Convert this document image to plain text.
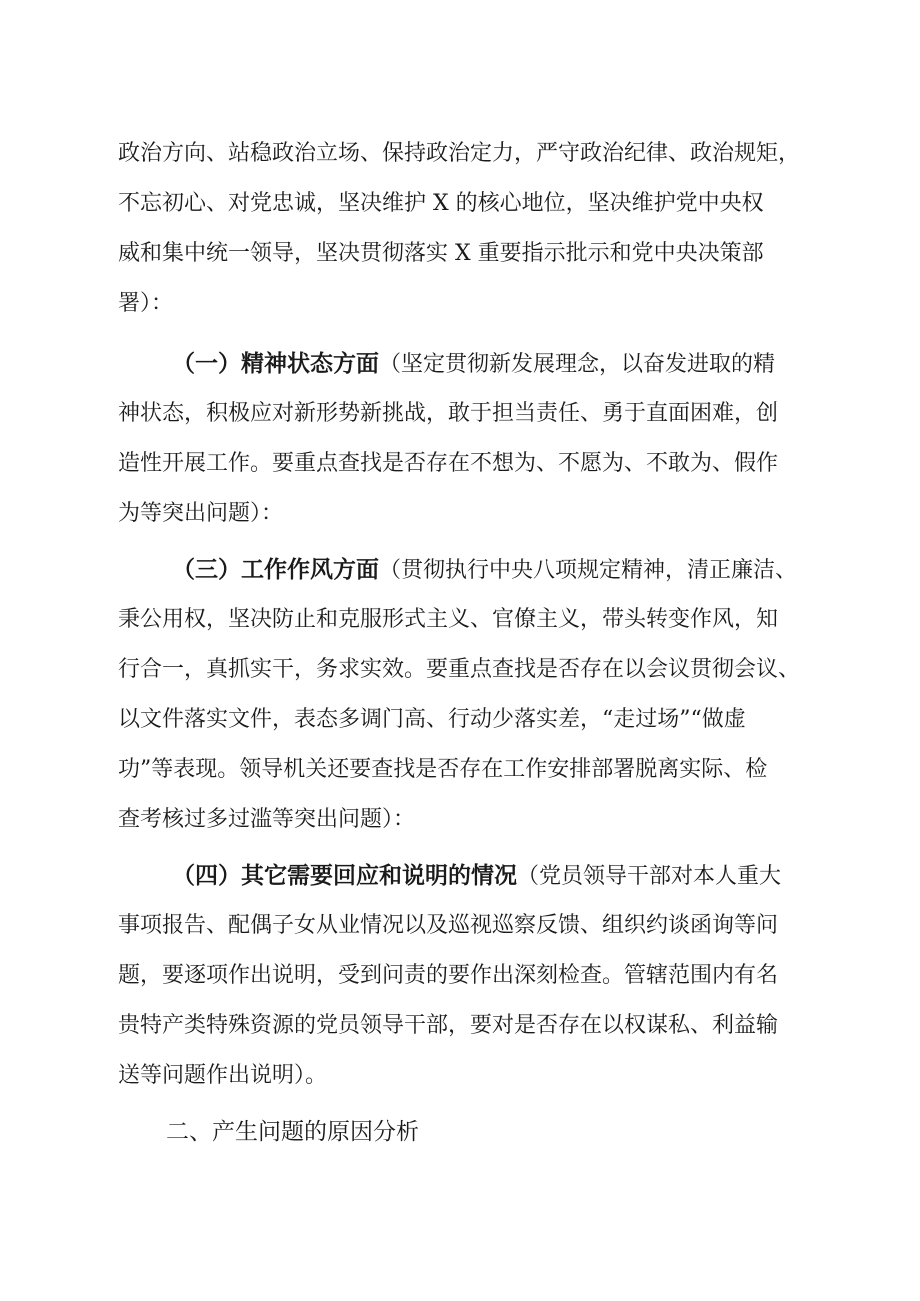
政治方向、站稳政治立场、保持政治定力，严守政治纪律、政治规矩，
不忘初心、对党忠诚，坚决维护 X 的核心地位，坚决维护党中央权
威和集中统一领导，坚决贯彻落实 X 重要指示批示和党中央决策部
署）：
（一）精神状态方面（坚定贯彻新发展理念，以奋发进取的精
神状态，积极应对新形势新挑战，敢于担当责任、勇于直面困难，创
造性开展工作。要重点查找是否存在不想为、不愿为、不敢为、假作
为等突出问题）：
（三）工作作风方面（贯彻执行中央八项规定精神，清正廉洁、
秉公用权，坚决防止和克服形式主义、官僚主义，带头转变作风，知
行合一，真抓实干，务求实效。要重点查找是否存在以会议贯彻会议、
以文件落实文件，表态多调门高、行动少落实差，“走过场”“做虚
功”等表现。领导机关还要查找是否存在工作安排部署脱离实际、检
查考核过多过滥等突出问题）：
（四）其它需要回应和说明的情况（党员领导干部对本人重大
事项报告、配偶子女从业情况以及巡视巡察反馈、组织约谈函询等问
题，要逐项作出说明，受到问责的要作出深刻检查。管辖范围内有名
贵特产类特殊资源的党员领导干部，要对是否存在以权谋私、利益输
送等问题作出说明）。
二、产生问题的原因分析
